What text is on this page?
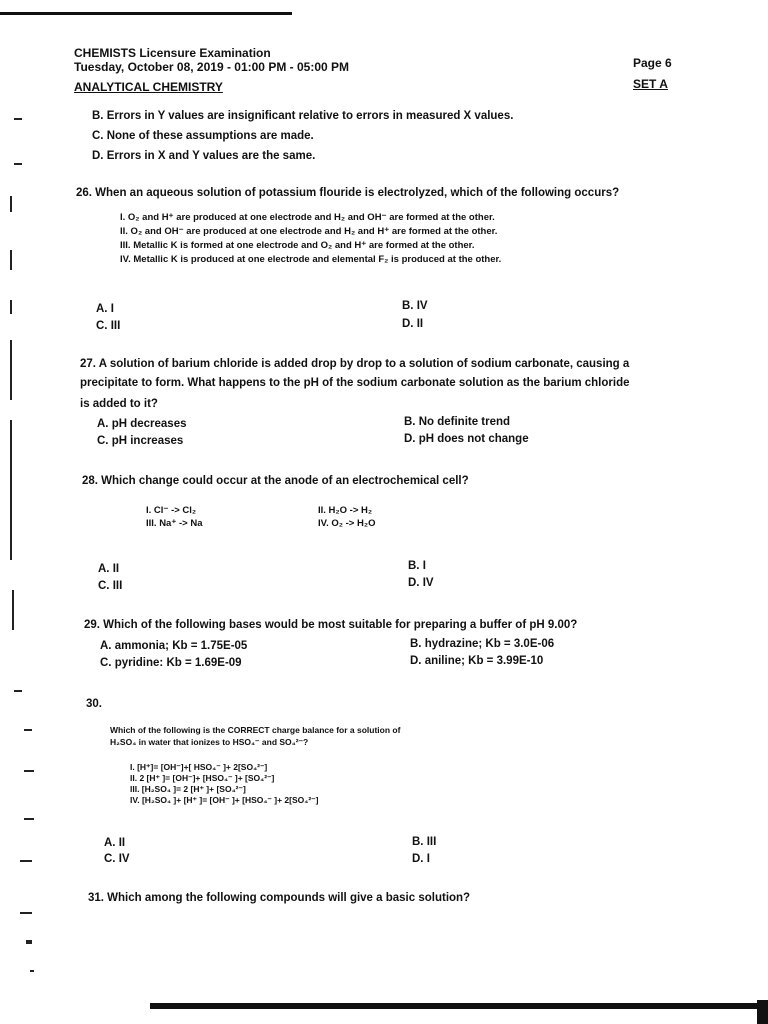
CHEMISTS Licensure Examination
Tuesday, October 08, 2019 - 01:00 PM - 05:00 PM
ANALYTICAL CHEMISTRY
Page 6
SET A
B. Errors in Y values are insignificant relative to errors in measured X values.
C. None of these assumptions are made.
D. Errors in X and Y values are the same.
26. When an aqueous solution of potassium flouride is electrolyzed, which of the following occurs?
I. O₂ and H⁺ are produced at one electrode and H₂ and OH⁻ are formed at the other.
II. O₂ and OH⁻ are produced at one electrode and H₂ and H⁺ are formed at the other.
III. Metallic K is formed at one electrode and O₂ and H⁺ are formed at the other.
IV. Metallic K is produced at one electrode and elemental F₂ is produced at the other.
A. I	B. IV
C. III	D. II
27. A solution of barium chloride is added drop by drop to a solution of sodium carbonate, causing a
precipitate to form. What happens to the pH of the sodium carbonate solution as the barium chloride
is added to it?
A. pH decreases	B. No definite trend
C. pH increases	D. pH does not change
28. Which change could occur at the anode of an electrochemical cell?
I. Cl⁻ -> Cl₂	II. H₂O -> H₂
III. Na⁺ -> Na	IV. O₂ -> H₂O
A. II	B. I
C. III	D. IV
29. Which of the following bases would be most suitable for preparing a buffer of pH 9.00?
A. ammonia; Kb = 1.75E-05	B. hydrazine; Kb = 3.0E-06
C. pyridine: Kb = 1.69E-09	D. aniline; Kb = 3.99E-10
30.
Which of the following is the CORRECT charge balance for a solution of
H₂SO₄ in water that ionizes to HSO₄⁻ and SO₄²⁻?
I. [H⁺]= [OH⁻]+[ HSO₄⁻ ]+ 2[SO₄²⁻]
II. 2 [H⁺ ]= [OH⁻]+ [HSO₄⁻ ]+ [SO₄²⁻]
III. [H₂SO₄ ]= 2 [H⁺ ]+ [SO₄²⁻]
IV. [H₂SO₄ ]+ [H⁺ ]= [OH⁻ ]+ [HSO₄⁻ ]+ 2[SO₄²⁻]
A. II	B. III
C. IV	D. I
31. Which among the following compounds will give a basic solution?
